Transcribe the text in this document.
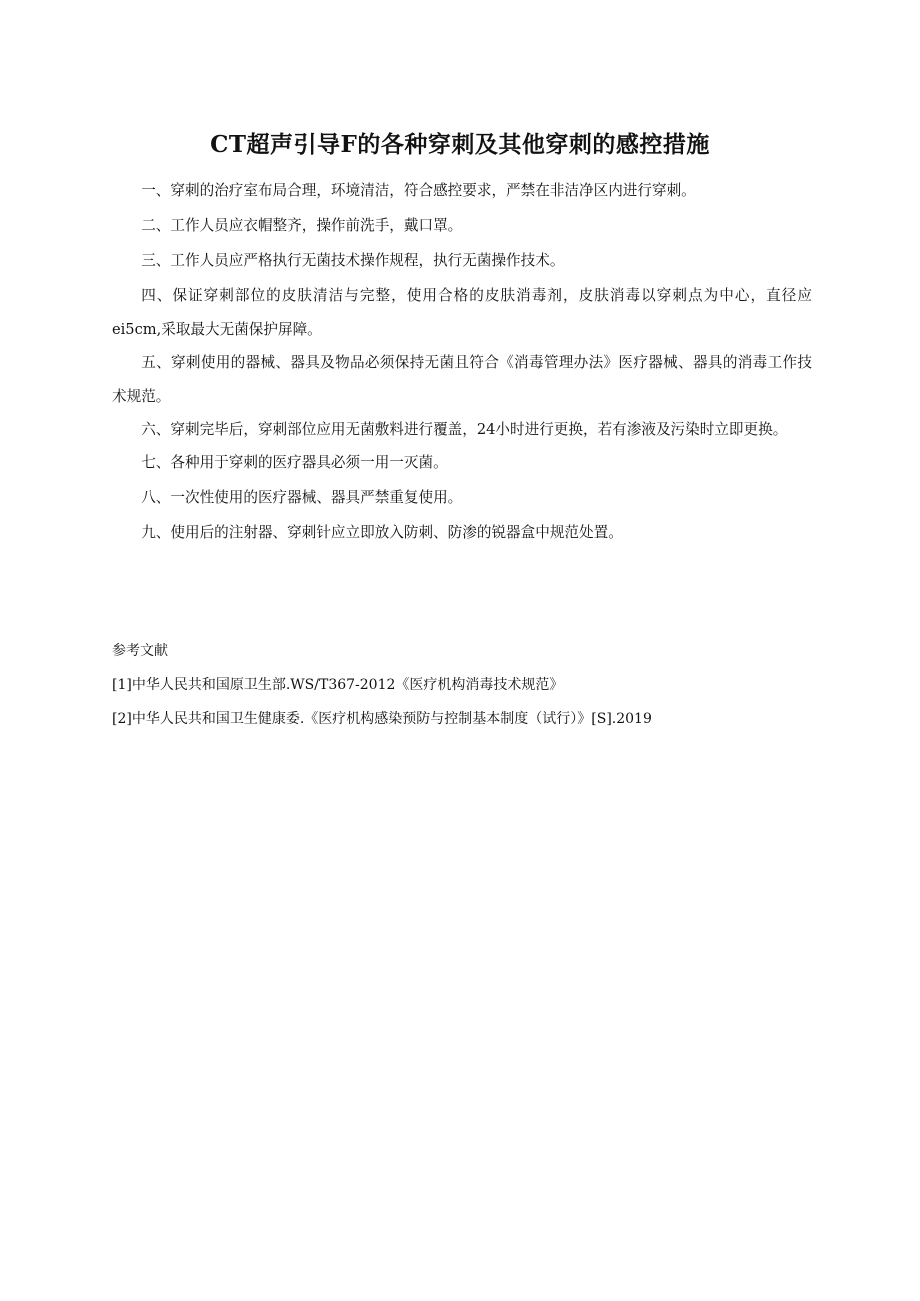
CT超声引导F的各种穿刺及其他穿刺的感控措施

一、穿刺的治疗室布局合理，环境清洁，符合感控要求，严禁在非洁净区内进行穿刺。

二、工作人员应衣帽整齐，操作前洗手，戴口罩。

三、工作人员应严格执行无菌技术操作规程，执行无菌操作技术。

四、保证穿刺部位的皮肤清洁与完整，使用合格的皮肤消毒剂，皮肤消毒以穿刺点为中心，直径应ei5cm,采取最大无菌保护屏障。

五、穿刺使用的器械、器具及物品必须保持无菌且符合《消毒管理办法》医疗器械、器具的消毒工作技术规范。

六、穿刺完毕后，穿刺部位应用无菌敷料进行覆盖，24小时进行更换，若有渗液及污染时立即更换。

七、各种用于穿刺的医疗器具必须一用一灭菌。

八、一次性使用的医疗器械、器具严禁重复使用。

九、使用后的注射器、穿刺针应立即放入防刺、防渗的锐器盒中规范处置。

参考文献
[1]中华人民共和国原卫生部.WS/T367-2012《医疗机构消毒技术规范》
[2]中华人民共和国卫生健康委.《医疗机构感染预防与控制基本制度（试行）》[S].2019
